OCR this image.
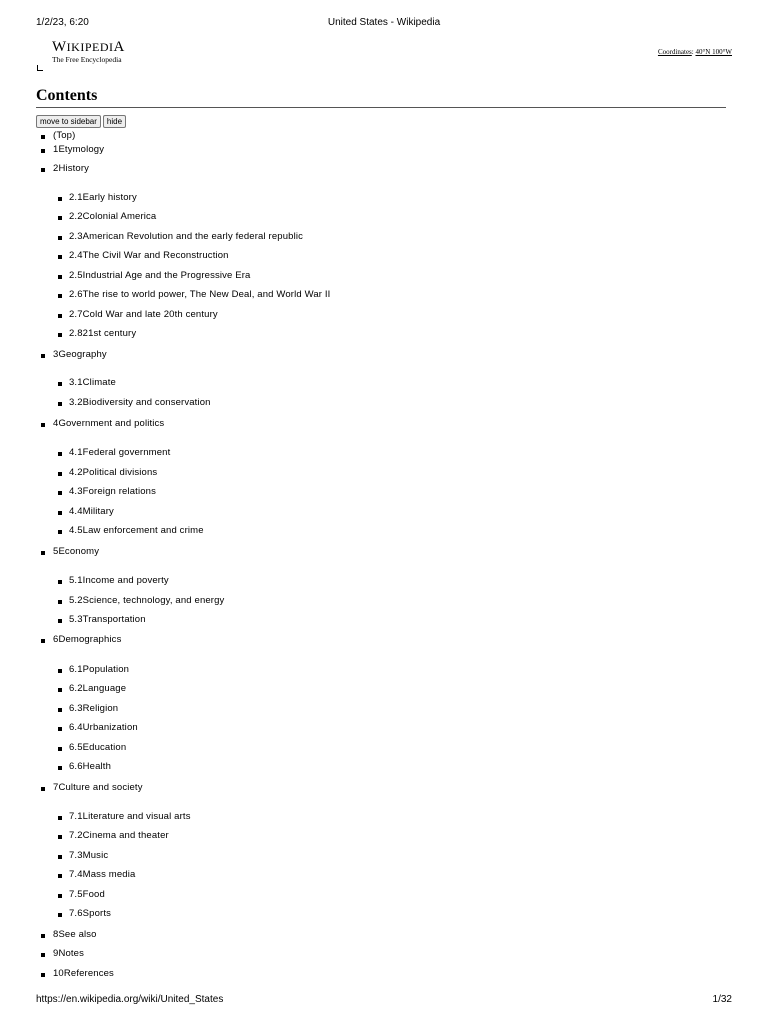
1/2/23, 6:20	United States - Wikipedia
WIKIPEDIA
The Free Encyclopedia
Coordinates: 40°N 100°W
Contents
move to sidebar hide
(Top)
1Etymology
2History
2.1Early history
2.2Colonial America
2.3American Revolution and the early federal republic
2.4The Civil War and Reconstruction
2.5Industrial Age and the Progressive Era
2.6The rise to world power, The New Deal, and World War II
2.7Cold War and late 20th century
2.821st century
3Geography
3.1Climate
3.2Biodiversity and conservation
4Government and politics
4.1Federal government
4.2Political divisions
4.3Foreign relations
4.4Military
4.5Law enforcement and crime
5Economy
5.1Income and poverty
5.2Science, technology, and energy
5.3Transportation
6Demographics
6.1Population
6.2Language
6.3Religion
6.4Urbanization
6.5Education
6.6Health
7Culture and society
7.1Literature and visual arts
7.2Cinema and theater
7.3Music
7.4Mass media
7.5Food
7.6Sports
8See also
9Notes
10References
https://en.wikipedia.org/wiki/United_States	1/32
